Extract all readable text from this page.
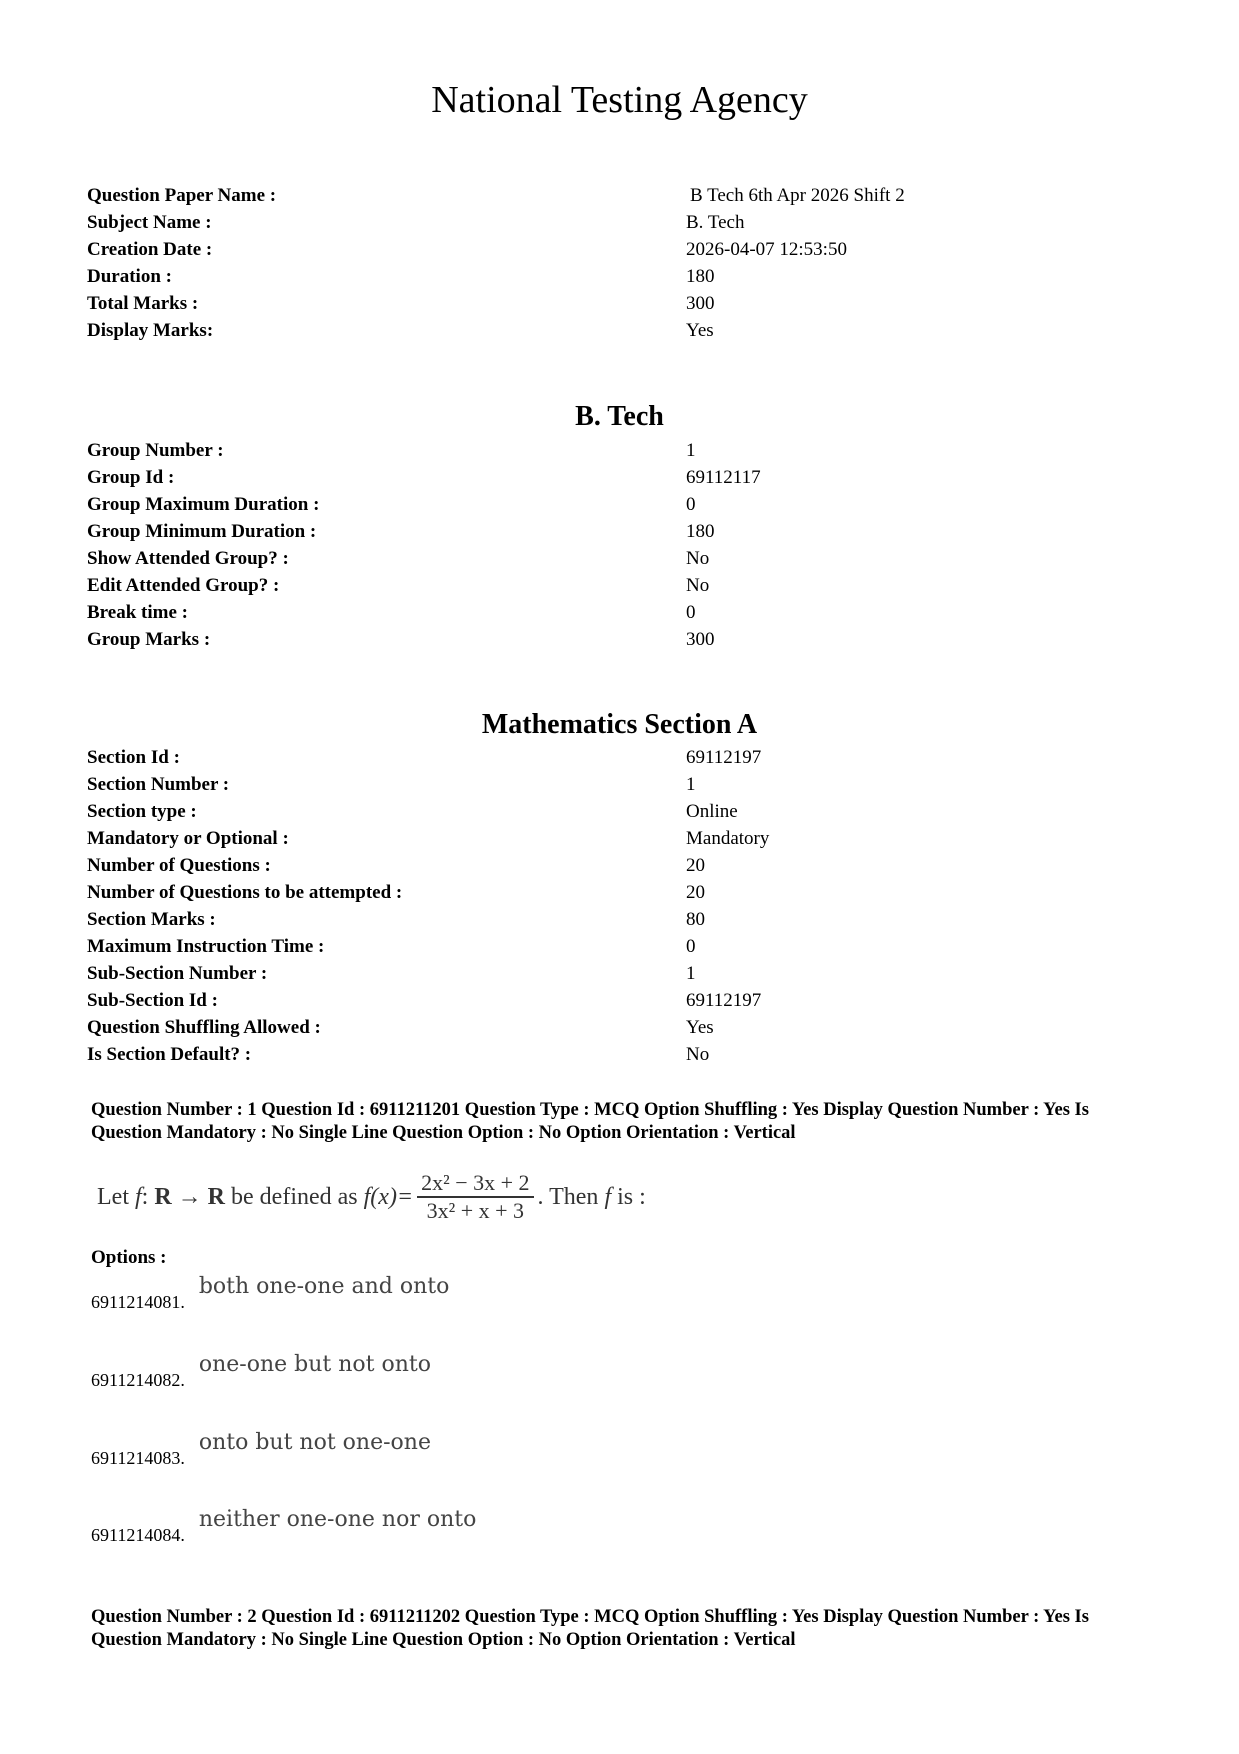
National Testing Agency
Question Paper Name :	B Tech 6th Apr 2026 Shift 2
Subject Name :	B. Tech
Creation Date :	2026-04-07 12:53:50
Duration :	180
Total Marks :	300
Display Marks:	Yes
B. Tech
Group Number :	1
Group Id :	69112117
Group Maximum Duration :	0
Group Minimum Duration :	180
Show Attended Group? :	No
Edit Attended Group? :	No
Break time :	0
Group Marks :	300
Mathematics Section A
Section Id :	69112197
Section Number :	1
Section type :	Online
Mandatory or Optional :	Mandatory
Number of Questions :	20
Number of Questions to be attempted :	20
Section Marks :	80
Maximum Instruction Time :	0
Sub-Section Number :	1
Sub-Section Id :	69112197
Question Shuffling Allowed :	Yes
Is Section Default? :	No
Question Number : 1 Question Id : 6911211201 Question Type : MCQ Option Shuffling : Yes Display Question Number : Yes Is
Question Mandatory : No Single Line Question Option : No Option Orientation : Vertical
Let
f :
R
→
R
be defined as
$f(x)= \frac{\text{2x² − 3x + 2}}{\text{3x² + x + 3}}$ . Then
f
is :
Options :
6911214081.both one-one and onto
6911214082.one-one but not onto
6911214083.onto but not one-one
6911214084.neither one-one nor onto
Question Number : 2 Question Id : 6911211202 Question Type : MCQ Option Shuffling : Yes Display Question Number : Yes Is
Question Mandatory : No Single Line Question Option : No Option Orientation : Vertical
